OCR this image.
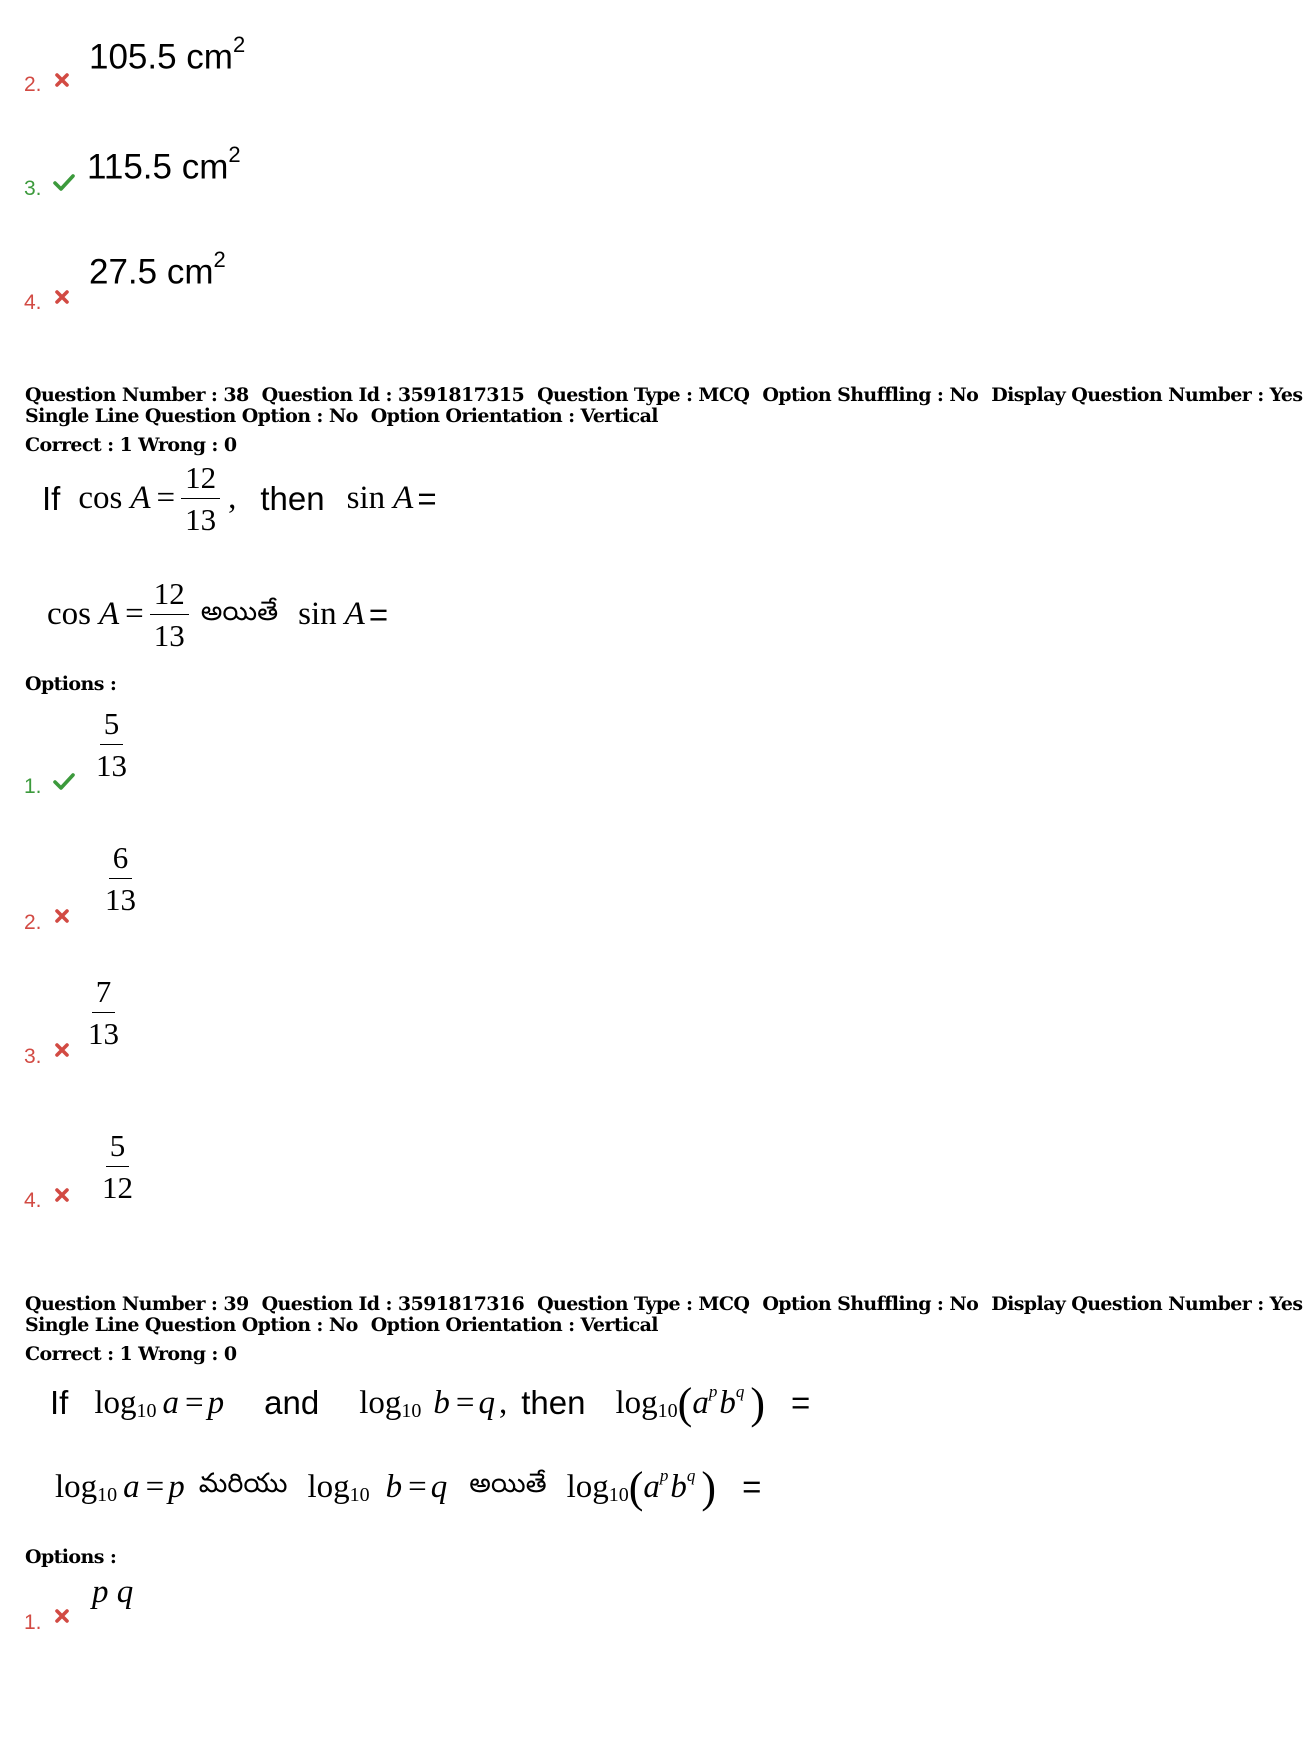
2.
105.5 $cm^2$
3.
115.5 $cm^2$
4.
27.5 $cm^2$
Question Number : 38 Question Id : 3591817315 Question Type : MCQ Option Shuffling : No Display Question Number : Yes
Single Line Question Option : No Option Orientation : Vertical
Correct : 1 Wrong : 0
If $\cos A = \frac{12}{13}$ , then sin A =
$\cos A = \frac{12}{13}$ అయితే sin A =
Options :
1.
$\frac{5}{13}$
2.
$\frac{6}{13}$
3.
$\frac{7}{13}$
4. $\frac{5}{12}$
Question Number : 39 Question Id : 3591817316 Question Type : MCQ Option Shuffling : No Display Question Number : Yes
Single Line Question Option : No Option Orientation : Vertical
Correct : 1 Wrong : 0
If log 10 a = p and log 10 b = q , then log 10 ( a p b q ) =
log 10 a = p మరియు log 10 b = q అయితే log 10 ( a p b q ) =
Options :
1.
p q
